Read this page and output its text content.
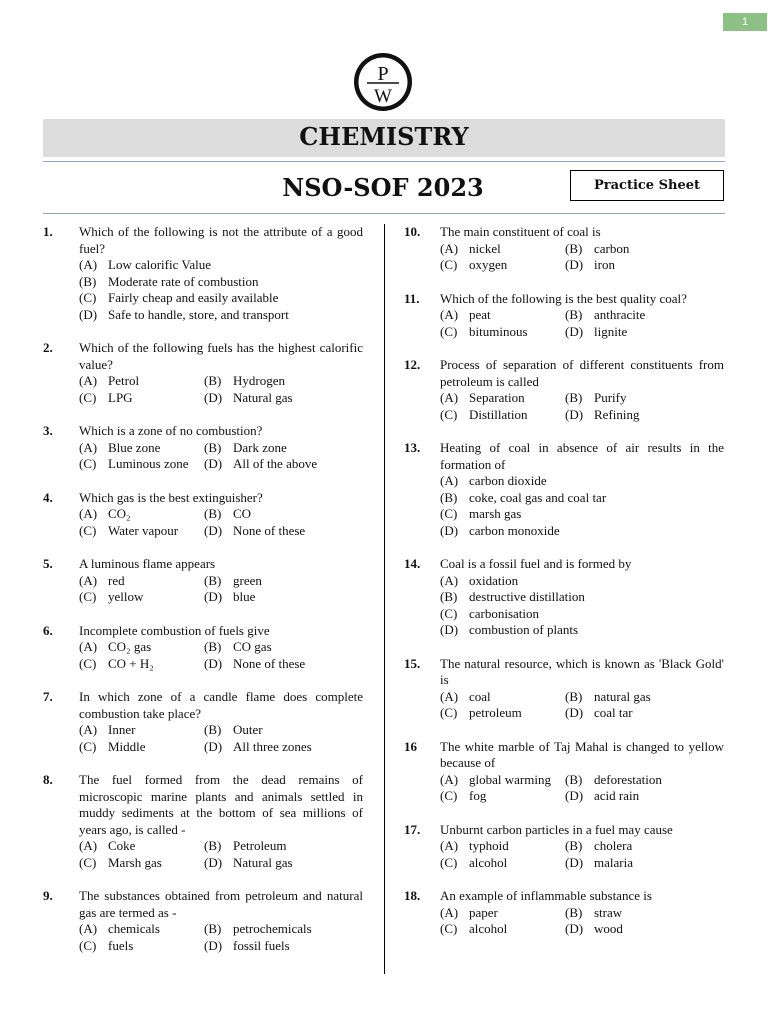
1
P
W
CHEMISTRY
NSO-SOF 2023	Practice Sheet
1.	Which of the following is not the attribute of a good fuel?
(A) Low calorific Value
(B) Moderate rate of combustion
(C) Fairly cheap and easily available
(D) Safe to handle, store, and transport
2.	Which of the following fuels has the highest calorific value?
(A) Petrol	(B) Hydrogen
(C) LPG	(D) Natural gas
3.	Which is a zone of no combustion?
(A) Blue zone	(B) Dark zone
(C) Luminous zone (D) All of the above
4.	Which gas is the best extinguisher?
(A) CO₂	(B) CO
(C) Water vapour (D) None of these
5.	A luminous flame appears
(A) red	(B) green
(C) yellow	(D) blue
6.	Incomplete combustion of fuels give
(A) CO₂ gas	(B) CO gas
(C) CO + H₂	(D) None of these
7.	In which zone of a candle flame does complete combustion take place?
(A) Inner	(B) Outer
(C) Middle	(D) All three zones
8.	The fuel formed from the dead remains of microscopic marine plants and animals settled in muddy sediments at the bottom of sea millions of years ago, is called -
(A) Coke	(B) Petroleum
(C) Marsh gas	(D) Natural gas
9.	The substances obtained from petroleum and natural gas are termed as -
(A) chemicals	(B) petrochemicals
(C) fuels	(D) fossil fuels
10.	The main constituent of coal is
(A) nickel	(B) carbon
(C) oxygen	(D) iron
11.	Which of the following is the best quality coal?
(A) peat	(B) anthracite
(C) bituminous	(D) lignite
12.	Process of separation of different constituents from petroleum is called
(A) Separation	(B) Purify
(C) Distillation	(D) Refining
13.	Heating of coal in absence of air results in the formation of
(A) carbon dioxide
(B) coke, coal gas and coal tar
(C) marsh gas
(D) carbon monoxide
14.	Coal is a fossil fuel and is formed by
(A) oxidation
(B) destructive distillation
(C) carbonisation
(D) combustion of plants
15.	The natural resource, which is known as 'Black Gold' is
(A) coal	(B) natural gas
(C) petroleum	(D) coal tar
16	The white marble of Taj Mahal is changed to yellow because of
(A) global warming (B) deforestation
(C) fog	(D) acid rain
17.	Unburnt carbon particles in a fuel may cause
(A) typhoid	(B) cholera
(C) alcohol	(D) malaria
18.	An example of inflammable substance is
(A) paper	(B) straw
(C) alcohol	(D) wood
